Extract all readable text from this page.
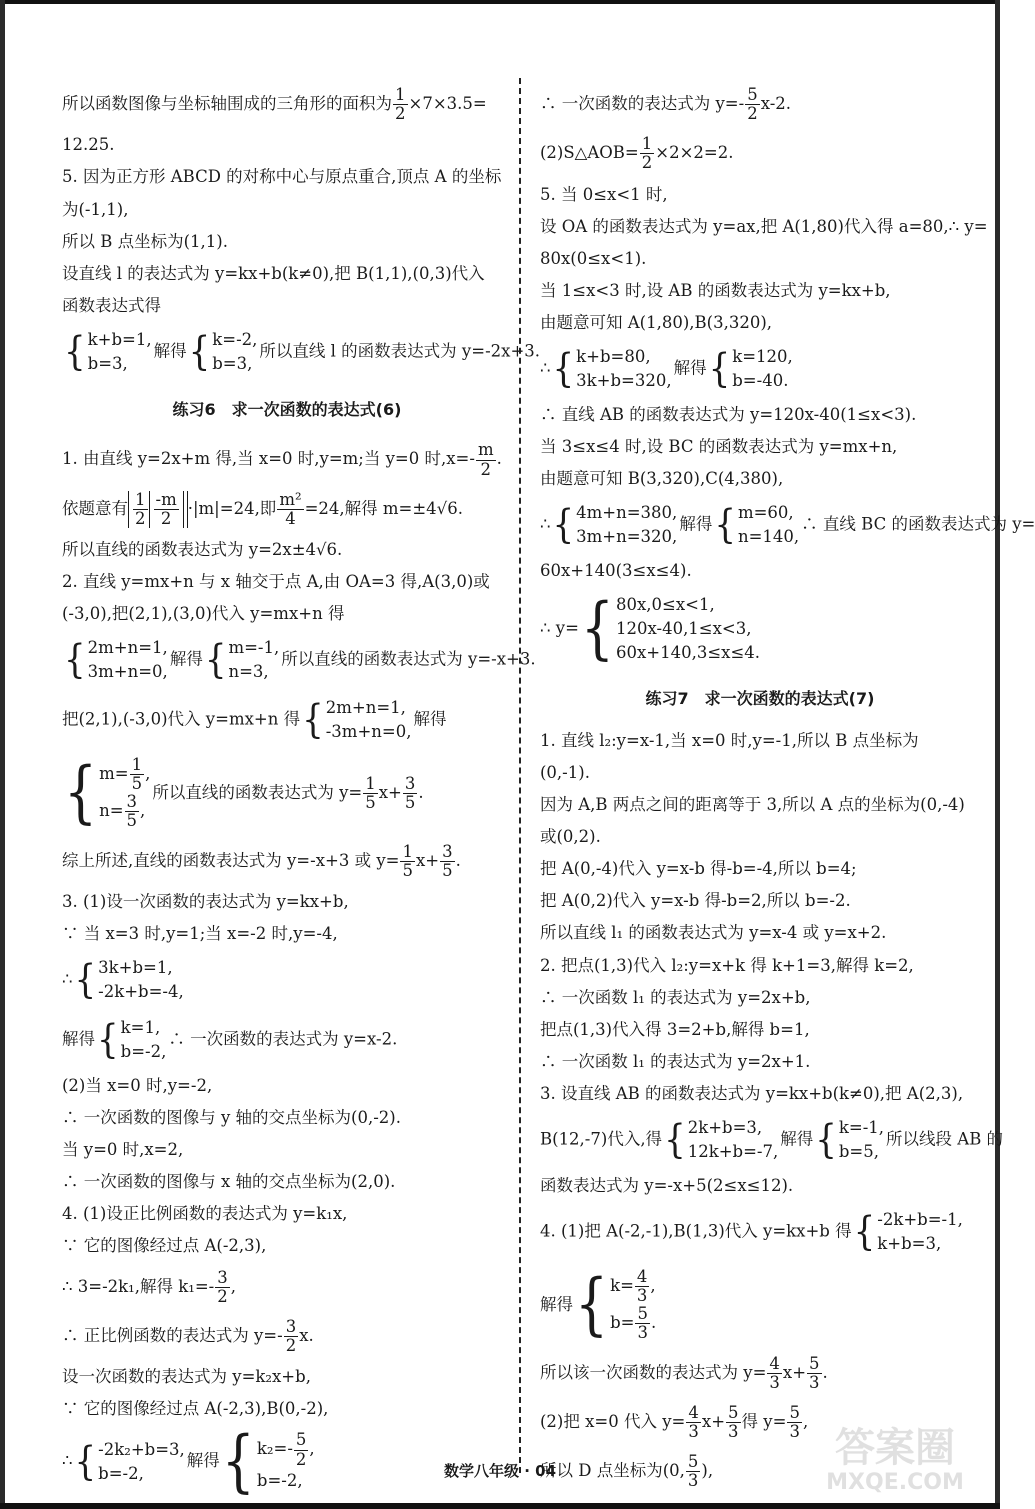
所以函数图像与坐标轴围成的三角形的面积为 $\frac{1}{2} \times 7\times 3.5=$

12.25.

5. 因为正方形 ABCD 的对称中心与原点重合,顶点 A 的坐标

为(-1,1),

所以 B 点坐标为(1,1).

设直线 l 的表达式为 y=kx+b(k≠0),把 B(1,1),(0,3)代入

函数表达式得

{ k+b=1,
b=3,
解得 { k=-2,
b=3,
所以直线 l 的函数表达式为 y=-2x+3.

练习6　求一次函数的表达式(6)

1. 由直线 y=2x+m 得,当 x=0 时,y=m;当 y=0 时$,x=- \frac{m}{2}$ .

依题意有 $\frac{1}{2} \frac{-m}{2} \cdot|m|=24$,即 $\frac{\text{m²}}{4} =24$,解得 m=±4√6.

所以直线的函数表达式为 y=2x±4√6.

2. 直线 y=mx+n 与 x 轴交于点 A,由 OA=3 得,A(3,0)或

(-3,0),把(2,1),(3,0)代入 y=mx+n 得

{ 2m+n=1,
3m+n=0,
解得 { m=-1,
n=3,
所以直线的函数表达式为 y=-x+3.

把(2,1),(-3,0)代入 y=mx+n 得 { 2m+n=1,
-3m+n=0,
解得

{ $m= \frac{1}{5}$ ,
$n= \frac{3}{5}$ ,
所以直线的函数表达式为 $y= \frac{1}{5} x+ \frac{3}{5}$ .

综上所述,直线的函数表达式为 y=-x+3 或 $y= \frac{1}{5} x+ \frac{3}{5}$ .

3. (1)设一次函数的表达式为 y=kx+b,

∵ 当 x=3 时,y=1;当 x=-2 时,y=-4,

∴ { 3k+b=1,
-2k+b=-4,

解得 { k=1,
b=-2,
∴ 一次函数的表达式为 y=x-2.

(2)当 x=0 时,y=-2,

∴ 一次函数的图像与 y 轴的交点坐标为(0,-2).

当 y=0 时,x=2,

∴ 一次函数的图像与 x 轴的交点坐标为(2,0).

4. (1)设正比例函数的表达式为 y=k₁x,

∵ 它的图像经过点 A(-2,3),

∴ 3=-2k₁,解得 $k_1=- \frac{3}{2}$ ,

∴ 正比例函数的表达式为 $y=- \frac{3}{2} x$.

设一次函数的表达式为 y=k₂x+b,

∵ 它的图像经过点 A(-2,3),B(0,-2),

∴ { -2k₂+b=3,
b=-2,
解得 { $k_2=- \frac{5}{2}$ ,
b=-2,

∴ 一次函数的表达式为 $y=- \frac{5}{2} x-2$.

(2)S△AOB= $\frac{1}{2} \times 2\times 2=2$.

5. 当 0≤x<1 时,

设 OA 的函数表达式为 y=ax,把 A(1,80)代入得 a=80,∴ y=

80x(0≤x<1).

当 1≤x<3 时,设 AB 的函数表达式为 y=kx+b,

由题意可知 A(1,80),B(3,320),

∴ { k+b=80,
3k+b=320,
解得 { k=120,
b=-40.

∴ 直线 AB 的函数表达式为 y=120x-40(1≤x<3).

当 3≤x≤4 时,设 BC 的函数表达式为 y=mx+n,

由题意可知 B(3,320),C(4,380),

∴ { 4m+n=380,
3m+n=320,
解得 { m=60,
n=140,
∴ 直线 BC 的函数表达式为 y=

60x+140(3≤x≤4).

∴ y= { 80x,0≤x<1,
120x-40,1≤x<3,
60x+140,3≤x≤4.

练习7　求一次函数的表达式(7)

1. 直线 l₂:y=x-1,当 x=0 时,y=-1,所以 B 点坐标为

(0,-1).

因为 A,B 两点之间的距离等于 3,所以 A 点的坐标为(0,-4)

或(0,2).

把 A(0,-4)代入 y=x-b 得-b=-4,所以 b=4;

把 A(0,2)代入 y=x-b 得-b=2,所以 b=-2.

所以直线 l₁ 的函数表达式为 y=x-4 或 y=x+2.

2. 把点(1,3)代入 l₂:y=x+k 得 k+1=3,解得 k=2,

∴ 一次函数 l₁ 的表达式为 y=2x+b,

把点(1,3)代入得 3=2+b,解得 b=1,

∴ 一次函数 l₁ 的表达式为 y=2x+1.

3. 设直线 AB 的函数表达式为 y=kx+b(k≠0),把 A(2,3),

B(12,-7)代入,得 { 2k+b=3,
12k+b=-7,
解得 { k=-1,
b=5,
所以线段 AB 的

函数表达式为 y=-x+5(2≤x≤12).

4. (1)把 A(-2,-1),B(1,3)代入 y=kx+b 得 { -2k+b=-1,
k+b=3,

解得 { $k= \frac{4}{3}$ ,
$b= \frac{5}{3}$ .

所以该一次函数的表达式为 $y= \frac{4}{3} x+ \frac{5}{3}$ .

(2)把 x=0 代入 $y= \frac{4}{3} x+ \frac{5}{3}$ 得 $y= \frac{5}{3}$ ,

所以 D 点坐标为(0, $\frac{5}{3}$ ),

数学八年级 · 04	答案圈
MXQE.COM
